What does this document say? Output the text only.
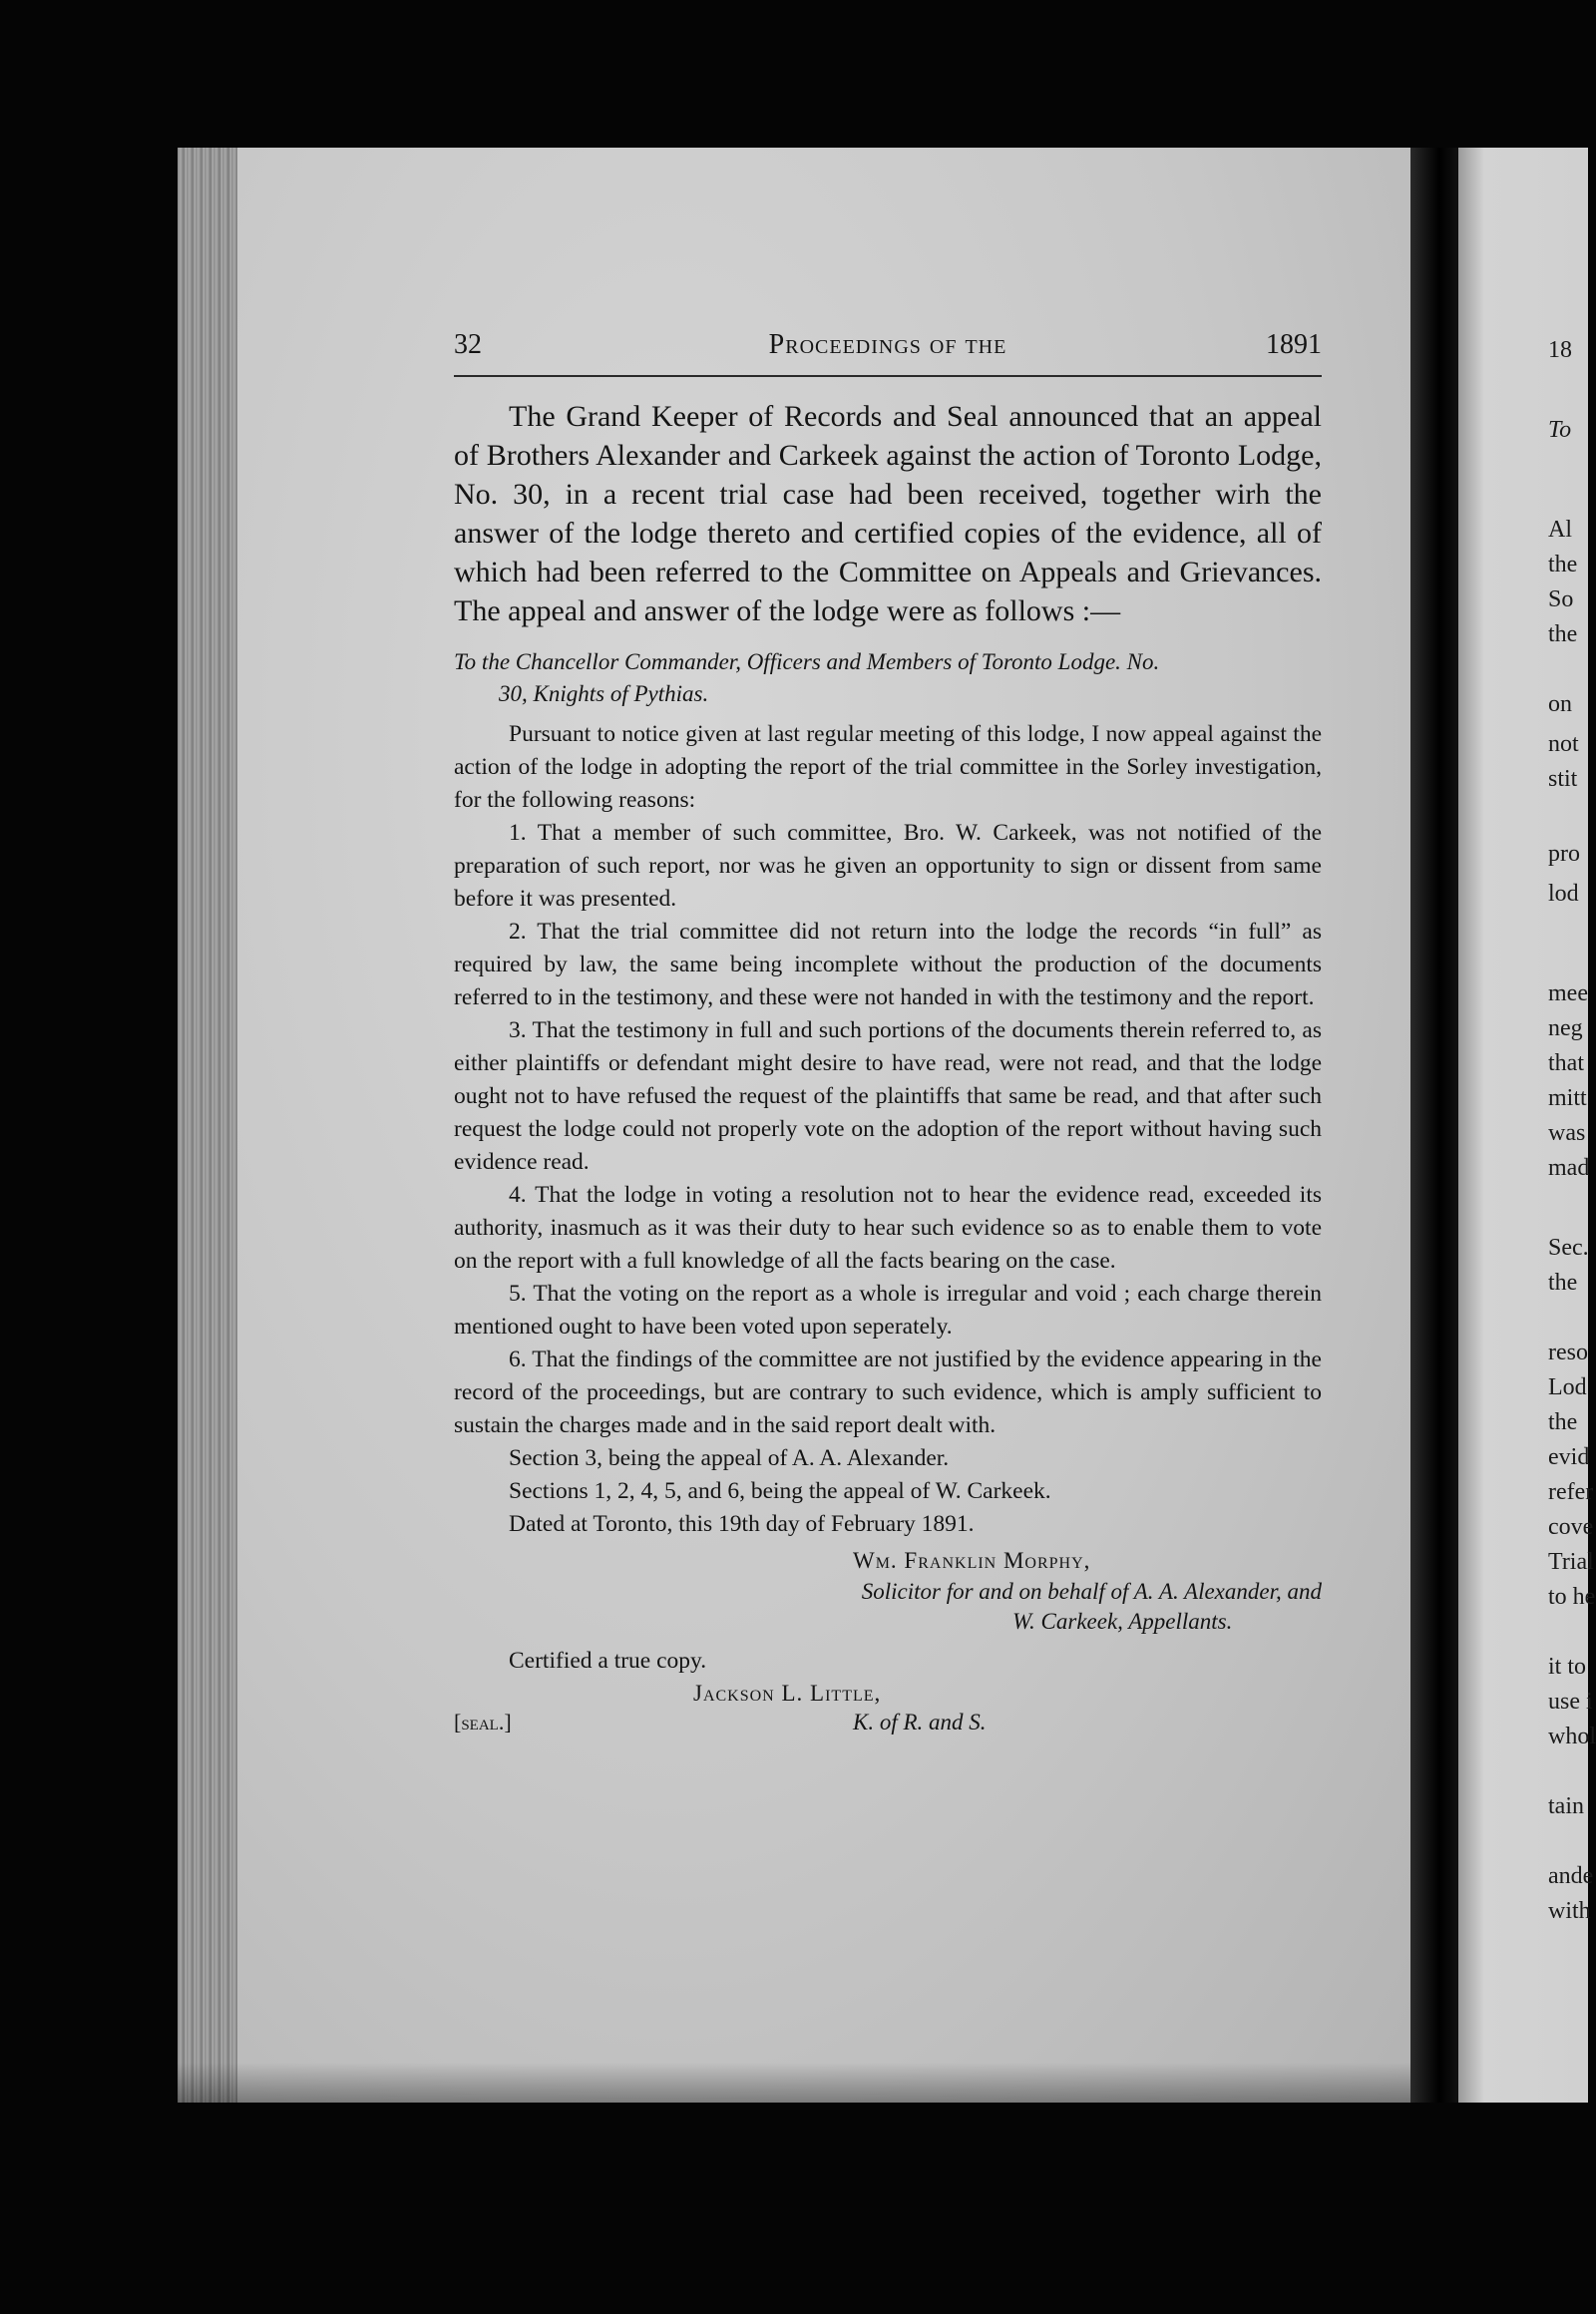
18
To
Al
the
So
the
on
not
stit
pro
lod
mee
neg
that
mitt
was
mad
Sec.
the
reso
Lod
the
evid
refer
cove
Trial
to he
it to
use i
whol
tain
ande
with
32	Proceedings of the	1891

The Grand Keeper of Records and Seal announced that an appeal of Brothers Alexander and Carkeek against the action of Toronto Lodge, No. 30, in a recent trial case had been received, together wirh the answer of the lodge thereto and certified copies of the evidence, all of which had been referred to the Committee on Appeals and Grievances. The appeal and answer of the lodge were as follows :—

To the Chancellor Commander, Officers and Members of Toronto Lodge. No.
30, Knights of Pythias.

Pursuant to notice given at last regular meeting of this lodge, I now appeal against the action of the lodge in adopting the report of the trial committee in the Sorley investigation, for the following reasons:

1. That a member of such committee, Bro. W. Carkeek, was not notified of the preparation of such report, nor was he given an opportunity to sign or dissent from same before it was presented.

2. That the trial committee did not return into the lodge the records “in full” as required by law, the same being incomplete without the production of the documents referred to in the testimony, and these were not handed in with the testimony and the report.

3. That the testimony in full and such portions of the documents therein referred to, as either plaintiffs or defendant might desire to have read, were not read, and that the lodge ought not to have refused the request of the plaintiffs that same be read, and that after such request the lodge could not properly vote on the adoption of the report without having such evidence read.

4. That the lodge in voting a resolution not to hear the evidence read, exceeded its authority, inasmuch as it was their duty to hear such evidence so as to enable them to vote on the report with a full knowledge of all the facts bearing on the case.

5. That the voting on the report as a whole is irregular and void ; each charge therein mentioned ought to have been voted upon seperately.

6. That the findings of the committee are not justified by the evidence appearing in the record of the proceedings, but are contrary to such evidence, which is amply sufficient to sustain the charges made and in the said report dealt with.

Section 3, being the appeal of A. A. Alexander.

Sections 1, 2, 4, 5, and 6, being the appeal of W. Carkeek.

Dated at Toronto, this 19th day of February 1891.

Wm. Franklin Morphy,

Solicitor for and on behalf of A. A. Alexander, and

W. Carkeek, Appellants.

Certified a true copy.

Jackson L. Little,

[seal.]	K. of R. and S.
